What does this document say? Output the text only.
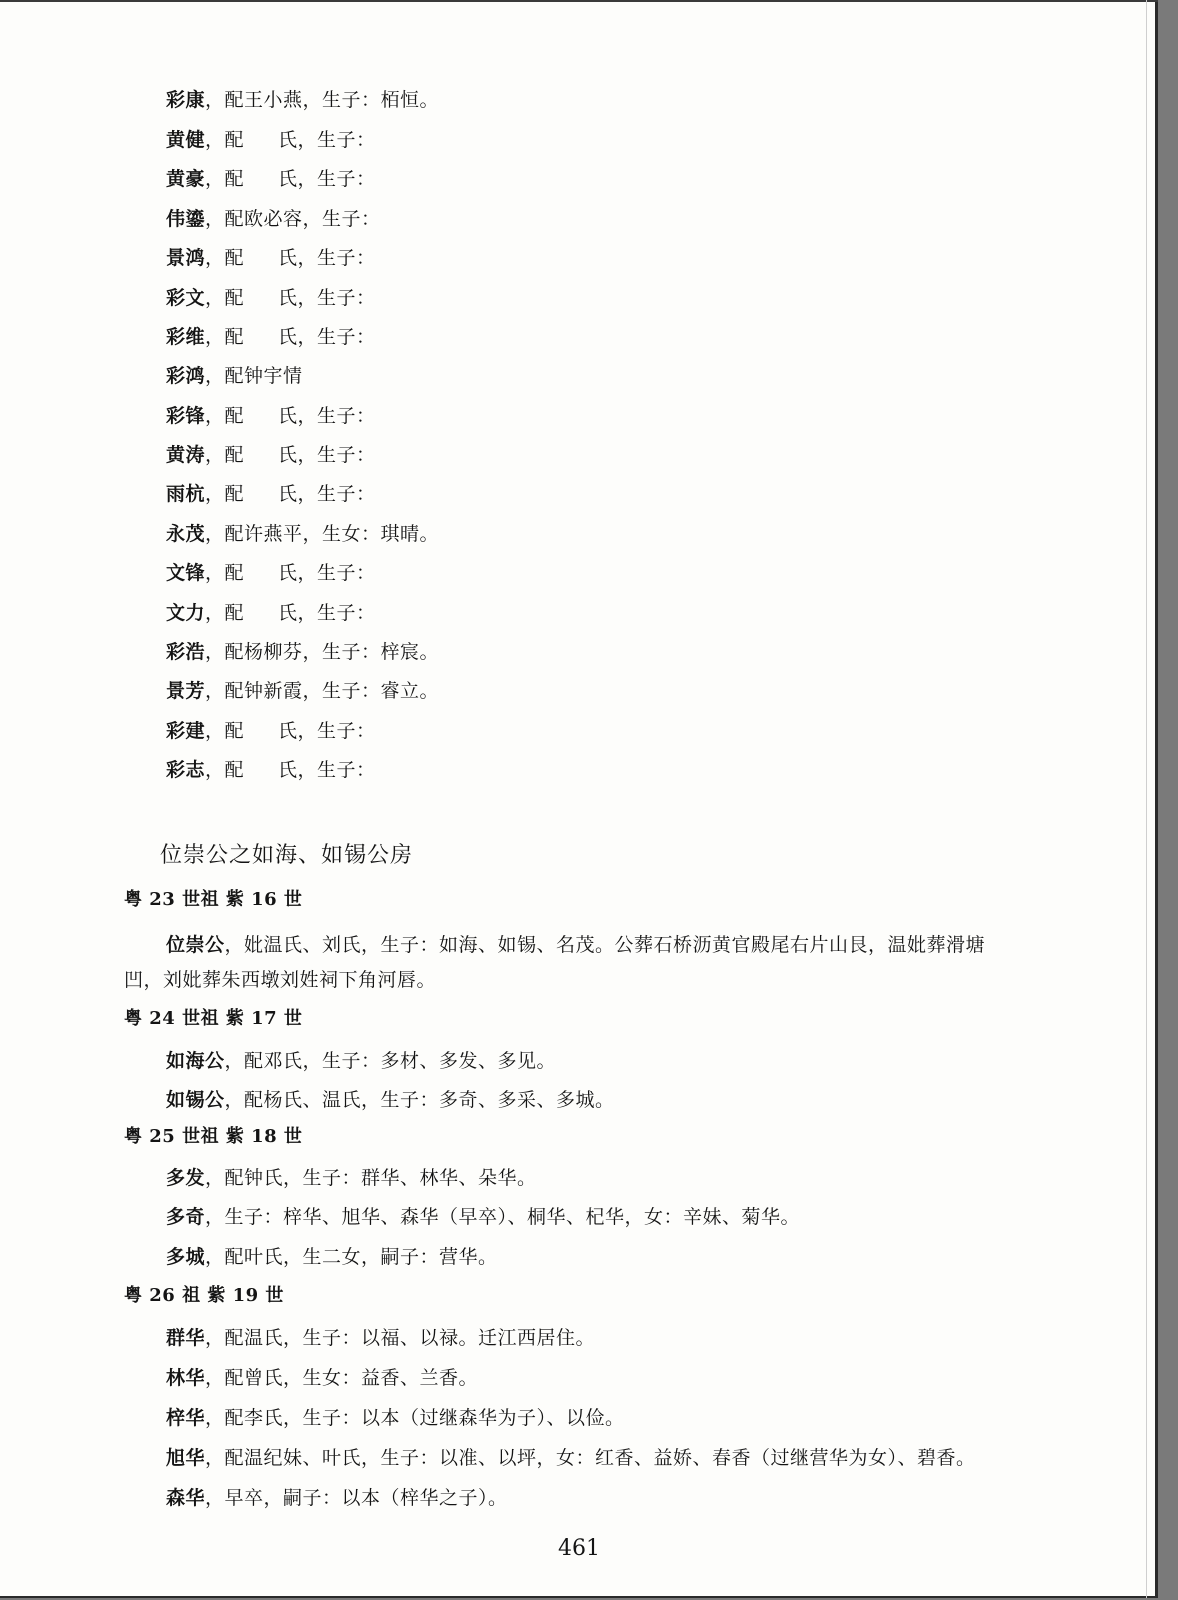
彩康，配王小燕，生子：栢恒。
黄健，配 氏，生子：
黄豪，配 氏，生子：
伟鎏，配欧必容，生子：
景鸿，配 氏，生子：
彩文，配 氏，生子：
彩维，配 氏，生子：
彩鸿，配钟宇情
彩锋，配 氏，生子：
黄涛，配 氏，生子：
雨杭，配 氏，生子：
永茂，配许燕平，生女：琪晴。
文锋，配 氏，生子：
文力，配 氏，生子：
彩浩，配杨柳芬，生子：梓宸。
景芳，配钟新霞，生子：睿立。
彩建，配 氏，生子：
彩志，配 氏，生子：
位崇公之如海、如锡公房
粤 23 世祖 紫 16 世
位崇公，妣温氏、刘氏，生子：如海、如锡、名茂。公葬石桥沥黄官殿尾右片山艮，温妣葬滑塘
凹，刘妣葬朱西墩刘姓祠下角河唇。
粤 24 世祖 紫 17 世
如海公，配邓氏，生子：多材、多发、多见。
如锡公，配杨氏、温氏，生子：多奇、多采、多城。
粤 25 世祖 紫 18 世
多发，配钟氏，生子：群华、林华、朵华。
多奇，生子：梓华、旭华、森华（早卒）、桐华、杞华，女：辛妹、菊华。
多城，配叶氏，生二女，嗣子：营华。
粤 26 祖 紫 19 世
群华，配温氏，生子：以福、以禄。迁江西居住。
林华，配曾氏，生女：益香、兰香。
梓华，配李氏，生子：以本（过继森华为子）、以俭。
旭华，配温纪妹、叶氏，生子：以准、以坪，女：红香、益娇、春香（过继营华为女）、碧香。
森华，早卒，嗣子：以本（梓华之子）。
461
